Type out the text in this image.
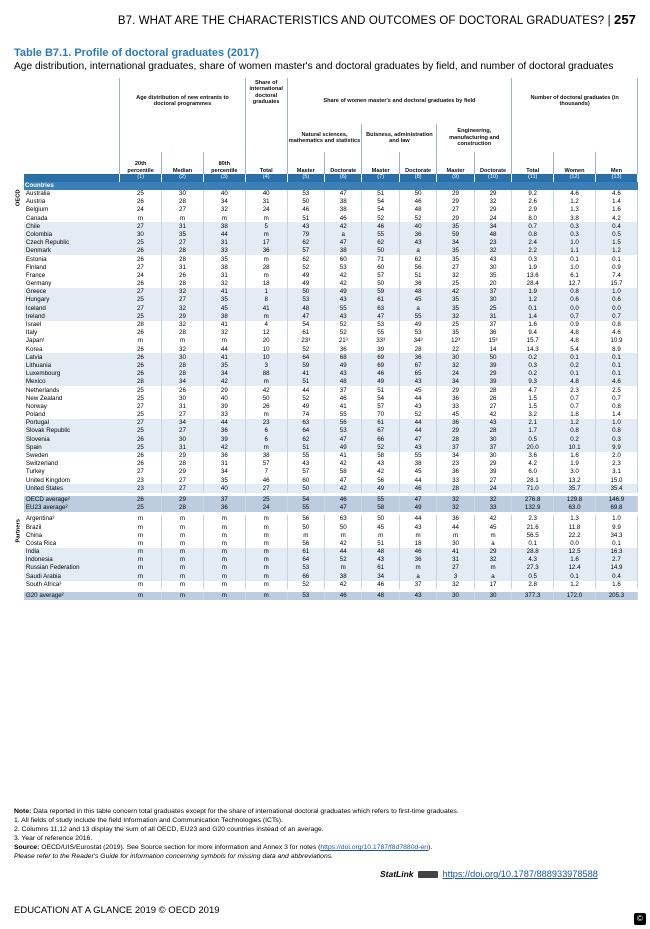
B7. WHAT ARE THE CHARACTERISTICS AND OUTCOMES OF DOCTORAL GRADUATES? | 257
Table B7.1. Profile of doctoral graduates (2017)
Age distribution, international graduates, share of women master's and doctoral graduates by field, and number of doctoral graduates
		Age distribution of new entrants to doctoral programmes			Share of international doctoral graduates	Share of women master's and doctoral graduates by field						Number of doctoral graduates (in thousands)		
						Natural sciences, mathematics and statistics		Buisness, administration and law		Engineering, manufacturing and construction				
		20th percentile	Median	80th percentile	Total	Master	Doctorate	Master	Doctorate	Master	Doctorate	Total	Women	Men
		(1)	(2)	(3)	(4)	(5)	(6)	(7)	(8)	(9)	(10)	(11)	(12)	(13)

OECD	Countries													
	Australia	25	30	40	40	53	47	51	50	29	29	9.2	4.6	4.6
	Austria	26	28	34	31	50	38	54	46	29	32	2.6	1.2	1.4
	Belgium	24	27	32	24	46	38	54	48	27	29	2.9	1.3	1.6
	Canada	m	m	m	m	51	46	52	52	29	24	8.0	3.8	4.2
	Chile	27	31	38	5	43	42	46	40	35	34	0.7	0.3	0.4
	Colombia	30	35	44	m	79	a	55	36	59	48	0.8	0.3	0.5
	Czech Republic	25	27	31	17	62	47	62	43	34	23	2.4	1.0	1.5
	Denmark	26	28	33	36	57	38	50	a	35	32	2.2	1.1	1.2
	Estonia	26	28	35	m	62	60	71	62	35	43	0.3	0.1	0.1
	Finland	27	31	38	28	52	53	60	56	27	30	1.9	1.0	0.9
	France	24	26	31	m	49	42	57	51	32	35	13.6	6.1	7.4
	Germany	26	28	32	18	49	42	50	36	25	20	28.4	12.7	15.7
	Greece	27	32	41	1	50	49	59	48	42	37	1.9	0.8	1.0
	Hungary	25	27	35	8	53	43	61	45	35	30	1.2	0.6	0.6
	Iceland	27	32	45	41	48	55	63	a	35	25	0.1	0.0	0.0
	Ireland	25	29	38	m	47	43	47	55	32	31	1.4	0.7	0.7
	Israel	28	32	41	4	54	52	53	49	25	37	1.6	0.9	0.8
	Italy	26	28	32	12	61	52	55	53	35	36	9.4	4.8	4.6
	Japan¹	m	m	m	20	23³	21³	33³	34³	12³	15³	15.7	4.8	10.9
	Korea	26	32	44	10	52	36	39	28	22	14	14.3	5.4	8.9
	Latvia	26	30	41	10	64	68	69	36	30	50	0.2	0.1	0.1
	Lithuania	26	28	35	3	59	49	69	67	32	39	0.3	0.2	0.1
	Luxembourg	26	28	34	88	41	43	46	65	24	29	0.2	0.1	0.1
	Mexico	28	34	42	m	51	48	49	43	34	39	9.3	4.8	4.6
	Netherlands	25	26	29	42	44	37	51	45	29	28	4.7	2.3	2.5
	New Zealand	25	30	40	50	52	46	54	44	36	26	1.5	0.7	0.7
	Norway	27	31	39	26	49	41	57	43	33	27	1.5	0.7	0.8
	Poland	25	27	33	m	74	55	70	52	45	42	3.2	1.8	1.4
	Portugal	27	34	44	23	63	56	61	44	36	43	2.1	1.2	1.0
	Slovak Republic	25	27	36	6	64	53	67	44	29	28	1.7	0.8	0.8
	Slovenia	26	30	39	6	62	47	66	47	28	30	0.5	0.2	0.3
	Spain	25	31	42	m	51	49	52	43	37	37	20.0	10.1	9.9
	Sweden	26	29	36	38	55	41	58	55	34	30	3.6	1.6	2.0
	Switzerland	26	28	31	57	43	42	43	38	23	29	4.2	1.9	2.3
	Turkey	27	29	34	7	57	58	42	45	36	39	6.0	3.0	3.1
	United Kingdom	23	27	35	46	60	47	56	44	33	27	28.1	13.2	15.0
	United States	23	27	40	27	50	42	49	46	28	24	71.0	35.7	35.4

	OECD average²	26	29	37	25	54	46	55	47	32	32	276.8	129.8	146.9
	EU23 average²	25	28	36	24	55	47	58	49	32	33	132.9	63.0	69.8

Partners	Argentina³	m	m	m	m	56	63	50	44	36	42	2.3	1.3	1.0
	Brazil	m	m	m	m	50	50	45	43	44	45	21.6	11.8	9.9
	China	m	m	m	m	m	m	m	m	m	m	56.5	22.2	34.3
	Costa Rica	m	m	m	m	56	42	51	18	30	a	0.1	0.0	0.1
	India	m	m	m	m	61	44	48	46	41	29	28.8	12.5	16.3
	Indonesia	m	m	m	m	64	52	43	36	31	32	4.3	1.6	2.7
	Russian Federation	m	m	m	m	53	m	61	m	27	m	27.3	12.4	14.9
	Saudi Arabia	m	m	m	m	66	38	34	a	3	a	0.5	0.1	0.4
	South Africa³	m	m	m	m	52	42	46	37	32	17	2.8	1.2	1.6

	G20 average²	m	m	m	m	53	46	48	43	30	30	377.3	172.0	205.3
Note: Data reported in this table concern total graduates except for the share of international doctoral graduates which refers to first-time graduates.
1. All fields of study include the field Information and Communication Technologies (ICTs).
2. Columns 11,12 and 13 display the sum of all OECD, EU23 and G20 countries instead of an average.
3. Year of reference 2016.
Source: OECD/UIS/Eurostat (2019). See Source section for more information and Annex 3 for notes (https://doi.org/10.1787/f8d7880d-en).
Please refer to the Reader's Guide for information concerning symbols for missing data and abbreviations.
StatLink	https://doi.org/10.1787/888933978588
EDUCATION AT A GLANCE 2019 © OECD 2019
©
